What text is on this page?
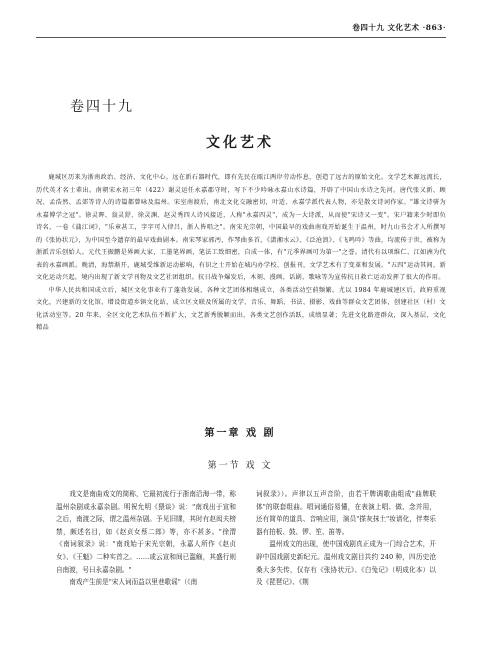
卷四十九 文化艺术 ·863·
卷四十九
文化艺术

鹿城区历来为浙南政治、经济、文化中心。远在新石器时代，即有先民在瓯江两岸劳动作息，创造了远古的原始文化。文学艺术源远流长，历代英才名士辈出。南朝宋永初三年（422）谢灵运任永嘉郡守时，写下不少吟咏永嘉山水诗篇，开辟了中国山水诗之先河。唐代张又新、顾况、孟浩然、孟郊等诗人的诗篇都曾咏及温州。宋室南渡后，南北文化交融密切，叶适、永嘉学派代表人物，亦是散文诗词作家。"雄文诗骈为永嘉博学之冠"。徐灵晖、翁灵舒、徐灵渊、赵灵秀四人诗风接近，人称"永嘉四灵"，成为一大诗派，从而使"宋诗又一变"。宋户籍来少时即负诗名，一卷《蒲江词》，"乐章甚工，字字可入律吕，浙人皆唱之"。南宋光宗朝，中国最早的戏曲南戏开始诞生于温州，时九山书会才人所撰写的《张协状元》，为中国至今遗存的最早戏曲剧本。南宋琴家郭沔，作琴曲多首，《潇湘水云》、《泛沧浪》、《飞鸣吟》等曲，均流传于世，被称为浙派音乐创始人。元代王振鹏是界画大家，工墨笔界画，笔法工致细密，自成一体，有"元季界画可为第一"之誉。清代有以项维仁、江如洲为代表的永嘉画派。晚清，海禁渐开，鹿城受维新运动影响，有识之士开始在城内办学校、创报刊，文学艺术有了变革和发展。"五四"运动其间，新文化运动兴起，境内出现了新文学刊物及文艺社团组织。抗日战争爆发后，木刻、漫画、话剧、歌咏等为宣传抗日救亡运动发挥了很大的作用。

中华人民共和国成立后，城区文化事业有了蓬勃发展，各种文艺团体相继成立，各类活动空前频繁。尤以 1984 年鹿城建区后，政府重视文化，兴建新的文化馆，增设街道乡镇文化站，成立区文联及所属的文学、音乐、舞蹈、书法、摄影、戏曲等群众文艺团体，创建社区（村）文化活动室等。20 年来，全区文化艺术队伍不断扩大，文艺新秀脱颖而出，各类文艺创作活跃，成绩显著；先进文化路迹群众，深入基层，文化精品

第一章 戏 剧
第一节 戏 文

戏文是南曲戏文的简称，它最初流行于浙南沿海一带，称温州杂剧或永嘉杂剧。明祝允明《猥谈》说："南戏出于宣和之后，南渡之际，谓之温州杂剧。予见旧牒，其时有赵闳夫榜禁，颇述名目，如《赵贞女蔡二郎》等，亦不甚多。"徐渭《南词叙录》说："南戏始于宋光宗朝，永嘉人所作《赵贞女》、《王魁》二种实首之。……或云宣和间已滥觞，其盛行则自南渡，号曰永嘉杂剧。"

南戏产生前是"宋人词而益以里巷歌谣"（《南

词叙录》）。声律以五声音阶，由若干牌调歌曲组成"曲牌联体"的联套组曲。唱词通俗易懂，在表演上唱、做、念并用，还有简单的道具、音响应用，演员"搽灰抹土"妆谱化，伴奏乐器有拍板、鼓、锣、笙、笛等。

温州戏文的出现，使中国戏剧真正成为一门综合艺术，开辟中国戏剧史新纪元。温州戏文剧目共约 240 种，四历史沧桑大多失传，仅存有《张协状元》、《白兔记》（明成化本）以及《琵琶记》、《荆
